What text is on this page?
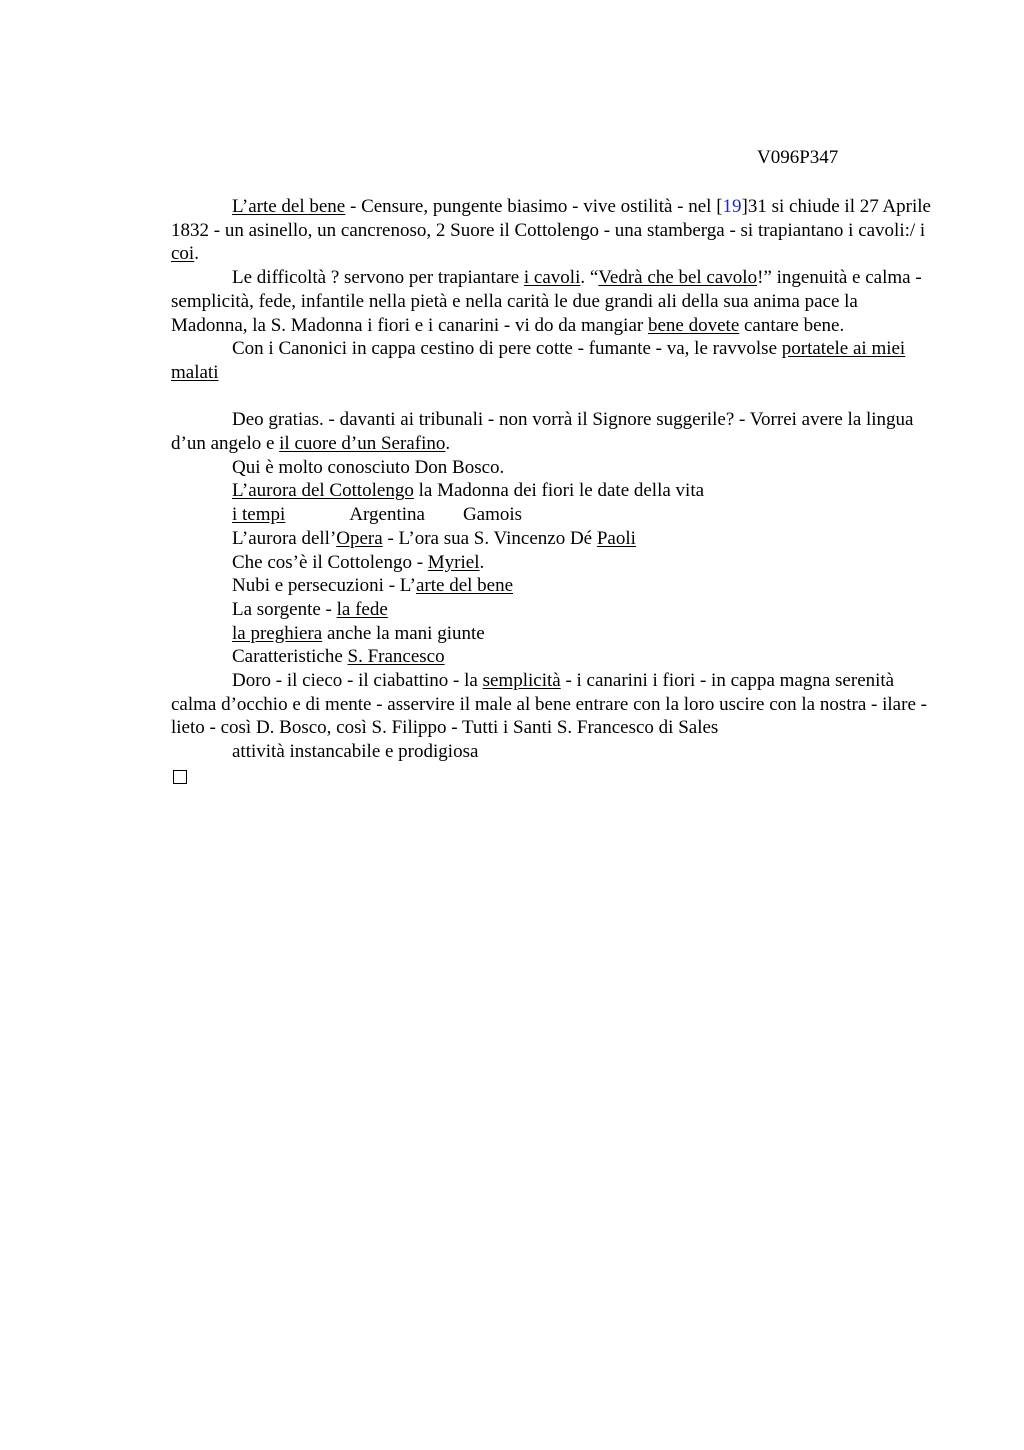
V096P347

L’arte del bene - Censure, pungente biasimo - vive ostilità - nel [19]31 si chiude il 27 Aprile 1832 - un asinello, un cancrenoso, 2 Suore il Cottolengo - una stamberga - si trapiantano i cavoli:/ i coi.

Le difficoltà ? servono per trapiantare i cavoli. “Vedrà che bel cavolo!” ingenuità e calma - semplicità, fede, infantile nella pietà e nella carità le due grandi ali della sua anima pace la Madonna, la S. Madonna i fiori e i canarini - vi do da mangiar bene dovete cantare bene.

Con i Canonici in cappa cestino di pere cotte - fumante - va, le ravvolse portatele ai miei malati

Deo gratias. - davanti ai tribunali - non vorrà il Signore suggerile? - Vorrei avere la lingua d’un angelo e il cuore d’un Serafino.

Qui è molto conosciuto Don Bosco.

L’aurora del Cottolengo la Madonna dei fiori le date della vita

i tempi	Argentina Gamois

L’aurora dell’Opera - L’ora sua S. Vincenzo Dé Paoli

Che cos’è il Cottolengo - Myriel.

Nubi e persecuzioni - L’arte del bene

La sorgente - la fede

la preghiera anche la mani giunte

Caratteristiche S. Francesco

Doro - il cieco - il ciabattino - la semplicità - i canarini i fiori - in cappa magna serenità calma d’occhio e di mente - asservire il male al bene entrare con la loro uscire con la nostra - ilare - lieto - così D. Bosco, così S. Filippo - Tutti i Santi S. Francesco di Sales

attività instancabile e prodigiosa
